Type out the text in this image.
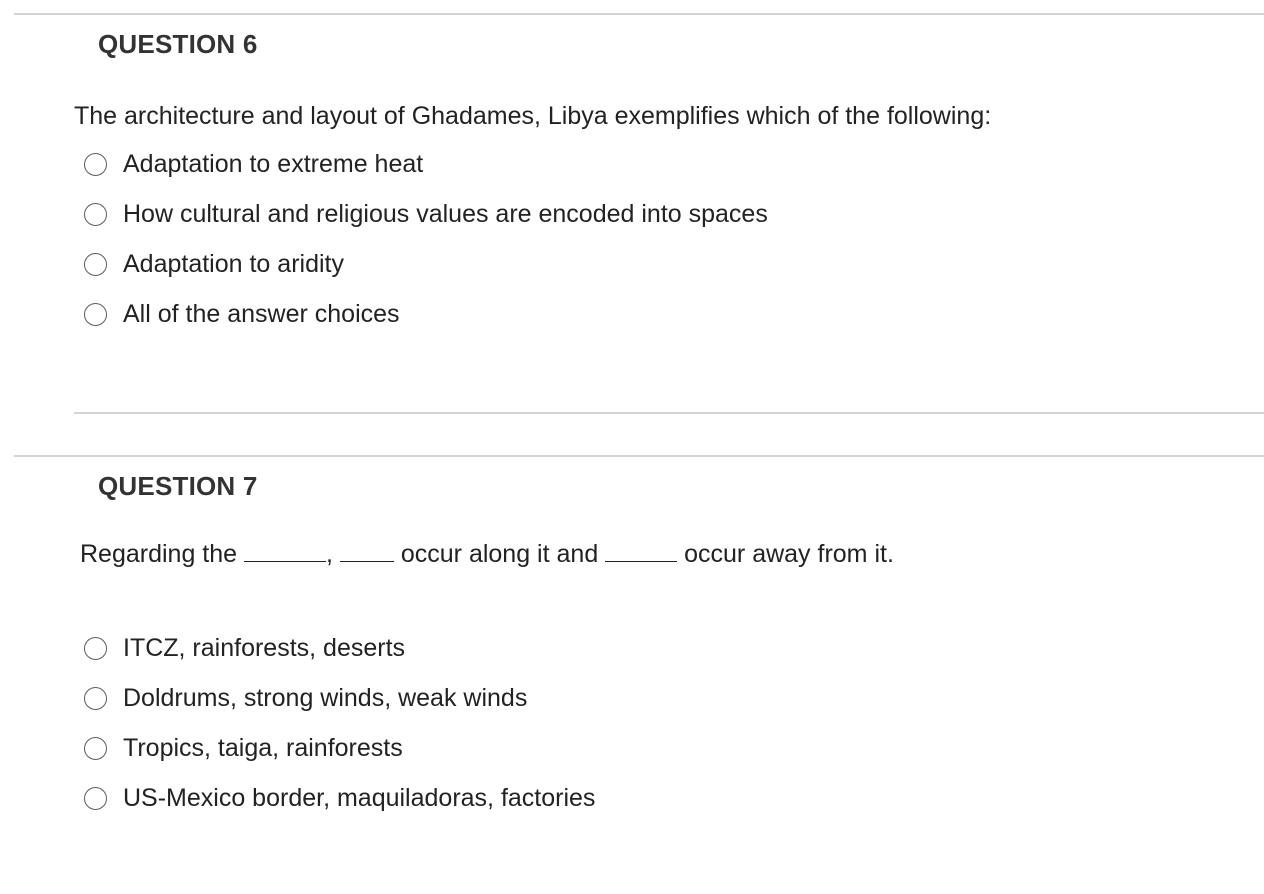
QUESTION 6

The architecture and layout of Ghadames, Libya exemplifies which of the following:

Adaptation to extreme heat
How cultural and religious values are encoded into spaces
Adaptation to aridity
All of the answer choices
QUESTION 7

Regarding the	,  occur along it and	occur away from it.

ITCZ, rainforests, deserts
Doldrums, strong winds, weak winds
Tropics, taiga, rainforests
US-Mexico border, maquiladoras, factories
